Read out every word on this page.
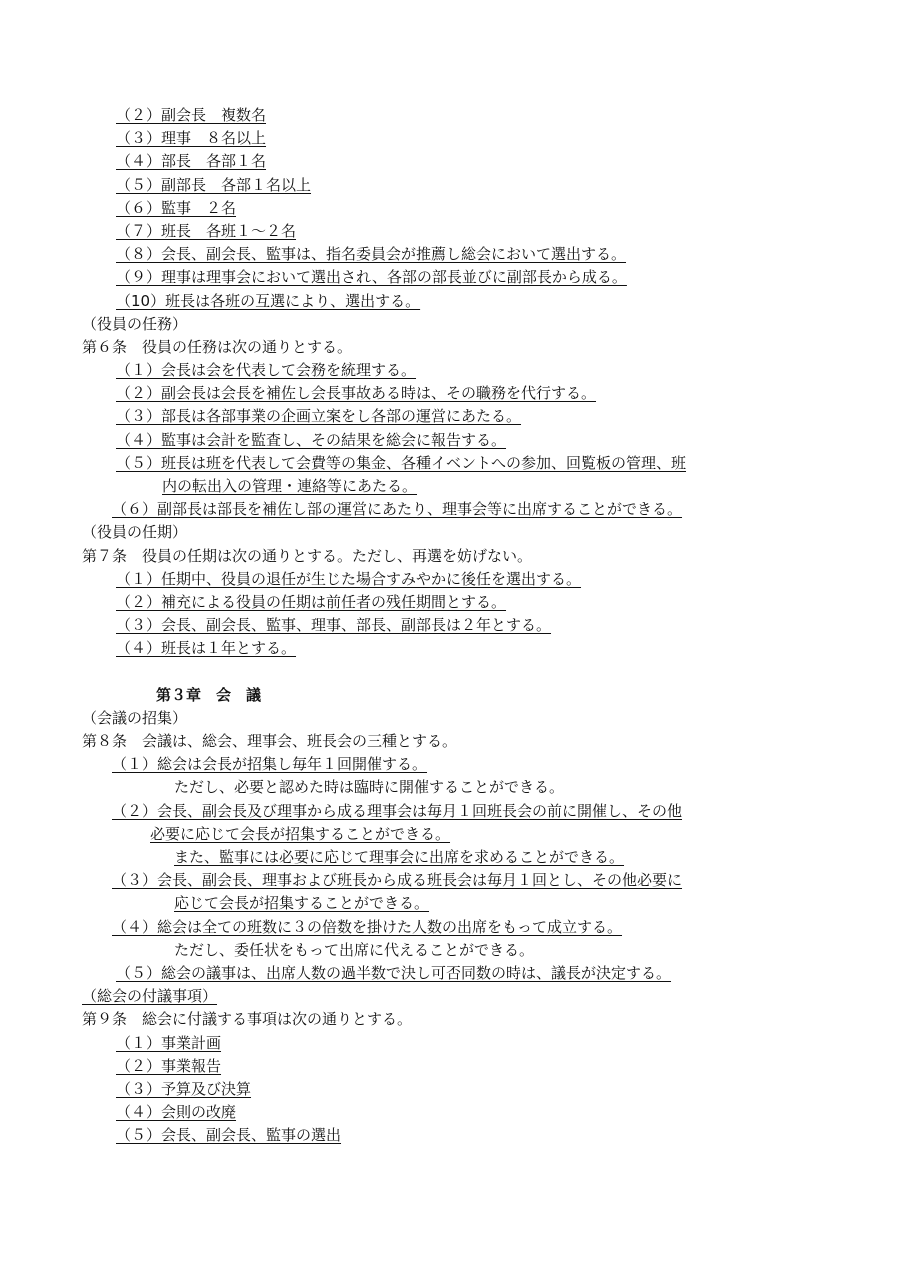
（２）副会長　複数名
（３）理事　８名以上
（４）部長　各部１名
（５）副部長　各部１名以上
（６）監事　２名
（７）班長　各班１～２名
（８）会長、副会長、監事は、指名委員会が推薦し総会において選出する。
（９）理事は理事会において選出され、各部の部長並びに副部長から成る。
（10）班長は各班の互選により、選出する。
（役員の任務）
第６条　役員の任務は次の通りとする。
（１）会長は会を代表して会務を統理する。
（２）副会長は会長を補佐し会長事故ある時は、その職務を代行する。
（３）部長は各部事業の企画立案をし各部の運営にあたる。
（４）監事は会計を監査し、その結果を総会に報告する。
（５）班長は班を代表して会費等の集金、各種イベントへの参加、回覧板の管理、班
内の転出入の管理・連絡等にあたる。
（６）副部長は部長を補佐し部の運営にあたり、理事会等に出席することができる。
（役員の任期）
第７条　役員の任期は次の通りとする。ただし、再選を妨げない。
（１）任期中、役員の退任が生じた場合すみやかに後任を選出する。
（２）補充による役員の任期は前任者の残任期間とする。
（３）会長、副会長、監事、理事、部長、副部長は２年とする。
（４）班長は１年とする。
第３章　会　議
（会議の招集）
第８条　会議は、総会、理事会、班長会の三種とする。
（１）総会は会長が招集し毎年１回開催する。
ただし、必要と認めた時は臨時に開催することができる。
（２）会長、副会長及び理事から成る理事会は毎月１回班長会の前に開催し、その他
必要に応じて会長が招集することができる。
また、監事には必要に応じて理事会に出席を求めることができる。
（３）会長、副会長、理事および班長から成る班長会は毎月１回とし、その他必要に
応じて会長が招集することができる。
（４）総会は全ての班数に３の倍数を掛けた人数の出席をもって成立する。
ただし、委任状をもって出席に代えることができる。
（５）総会の議事は、出席人数の過半数で決し可否同数の時は、議長が決定する。
（総会の付議事項）
第９条　総会に付議する事項は次の通りとする。
（１）事業計画
（２）事業報告
（３）予算及び決算
（４）会則の改廃
（５）会長、副会長、監事の選出
